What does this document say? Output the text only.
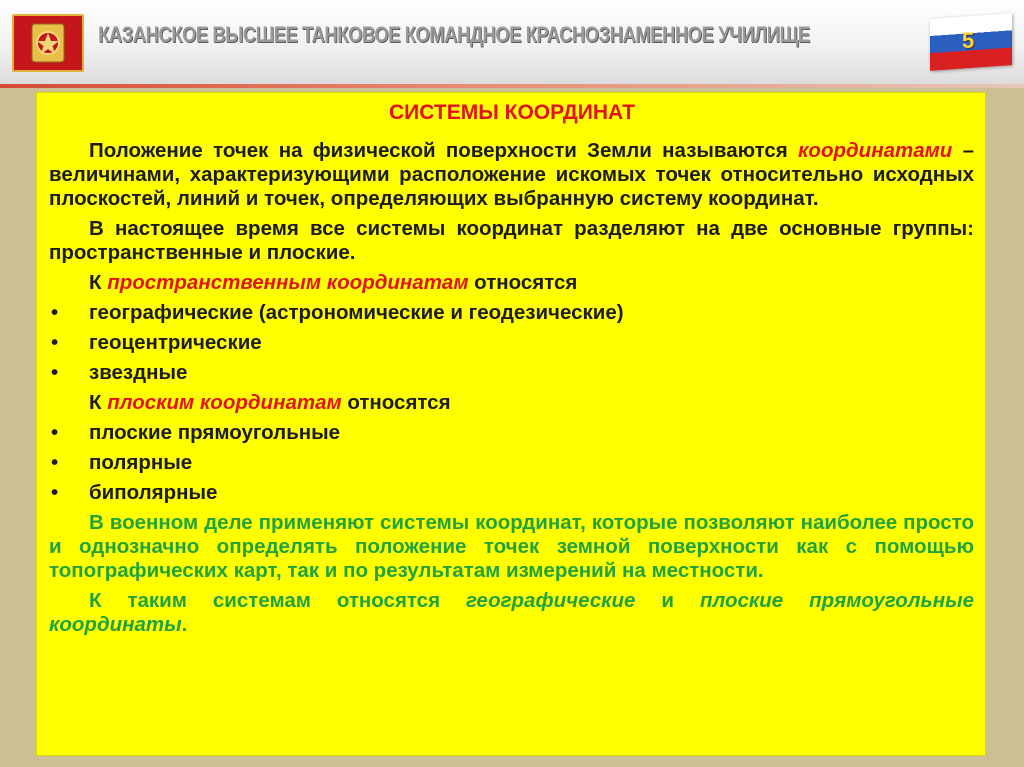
КАЗАНСКОЕ ВЫСШЕЕ ТАНКОВОЕ КОМАНДНОЕ КРАСНОЗНАМЕННОЕ УЧИЛИЩЕ	5
СИСТЕМЫ КООРДИНАТ

Положение точек на физической поверхности Земли называются координатами – величинами, характеризующими расположение искомых точек относительно исходных плоскостей, линий и точек, определяющих выбранную систему координат.

В настоящее время все системы координат разделяют на две основные группы: пространственные и плоские.

К пространственным координатам относятся

• географические (астрономические и геодезические)
• геоцентрические
• звездные

К плоским координатам относятся

• плоские прямоугольные
• полярные
• биполярные

В военном деле применяют системы координат, которые позволяют наиболее просто и однозначно определять положение точек земной поверхности как с помощью топографических карт, так и по результатам измерений на местности.

К таким системам относятся географические и плоские прямоугольные координаты.
